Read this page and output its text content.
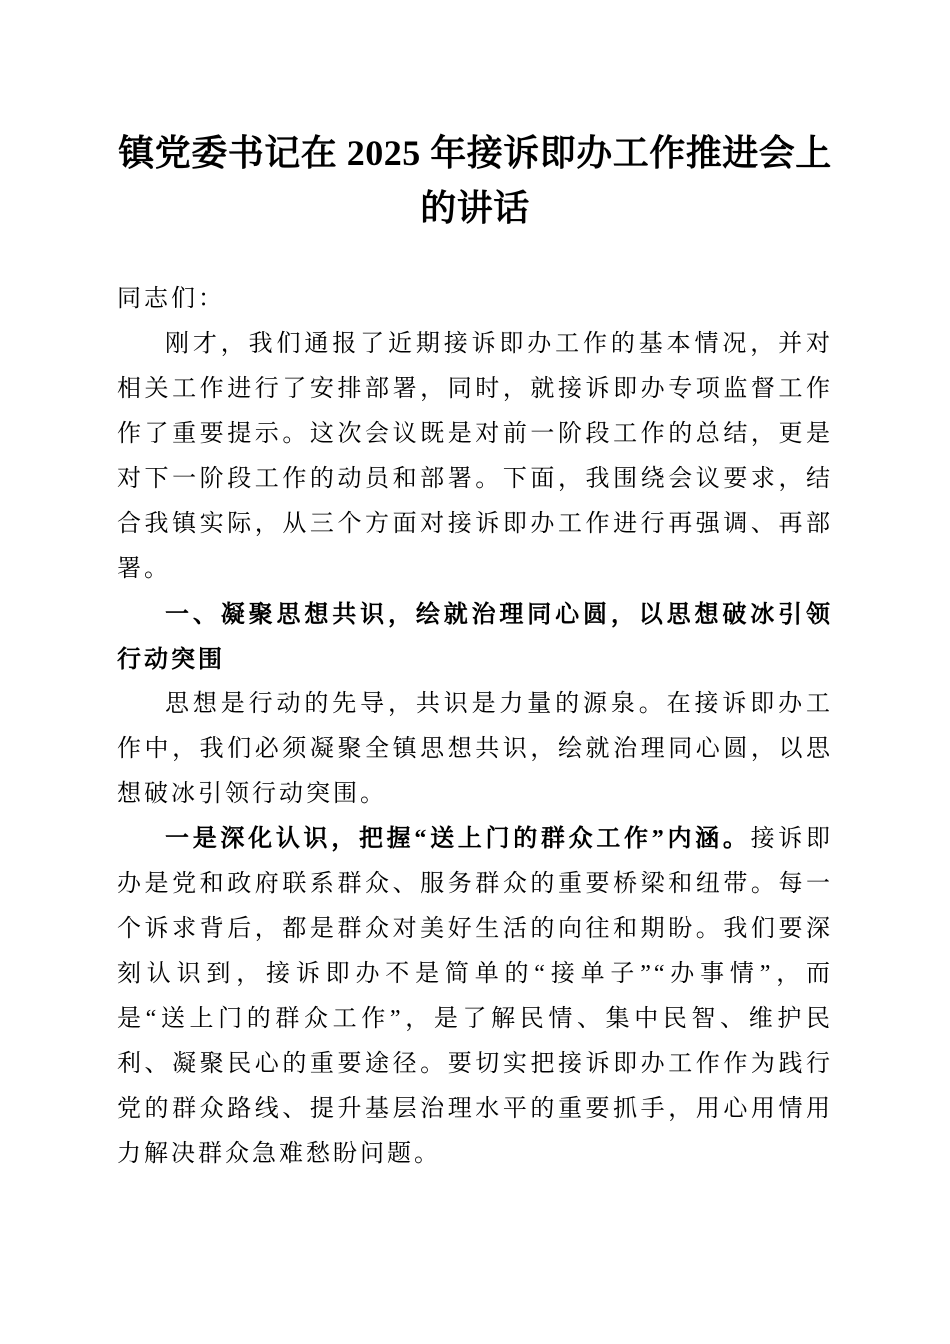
镇党委书记在 2025 年接诉即办工作推进会上
的讲话

同志们：

刚才，我们通报了近期接诉即办工作的基本情况，并对相关工作进行了安排部署，同时，就接诉即办专项监督工作作了重要提示。这次会议既是对前一阶段工作的总结，更是对下一阶段工作的动员和部署。下面，我围绕会议要求，结合我镇实际，从三个方面对接诉即办工作进行再强调、再部署。

一、凝聚思想共识，绘就治理同心圆，以思想破冰引领行动突围

思想是行动的先导，共识是力量的源泉。在接诉即办工作中，我们必须凝聚全镇思想共识，绘就治理同心圆，以思想破冰引领行动突围。

一是深化认识，把握“送上门的群众工作”内涵。接诉即办是党和政府联系群众、服务群众的重要桥梁和纽带。每一个诉求背后，都是群众对美好生活的向往和期盼。我们要深刻认识到，接诉即办不是简单的“接单子”“办事情”，而是“送上门的群众工作”，是了解民情、集中民智、维护民利、凝聚民心的重要途径。要切实把接诉即办工作作为践行党的群众路线、提升基层治理水平的重要抓手，用心用情用力解决群众急难愁盼问题。
